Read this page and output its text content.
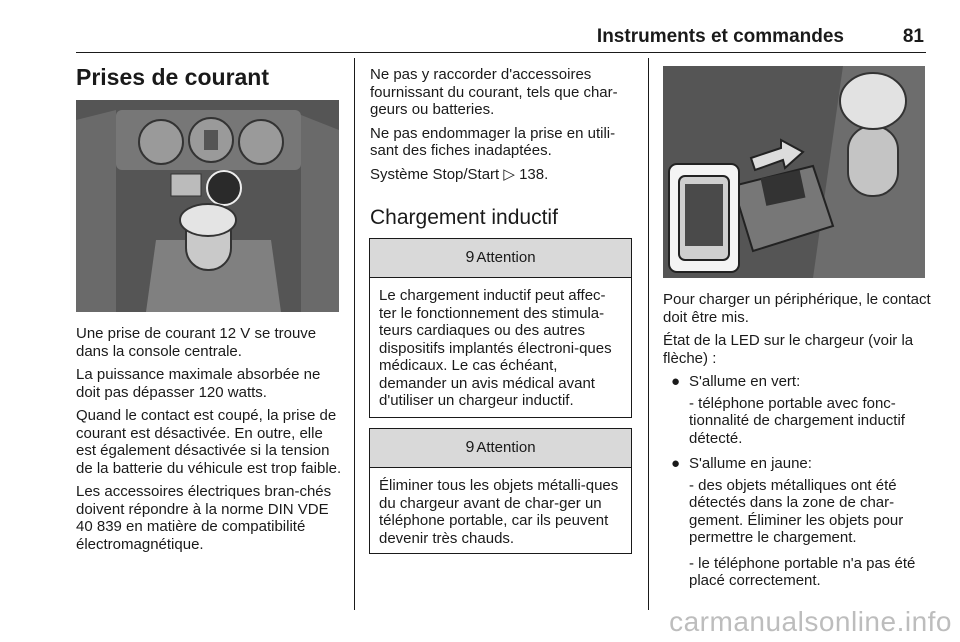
Instruments et commandes	81
Prises de courant

Une prise de courant 12 V se trouve dans la console centrale.

La puissance maximale absorbée ne doit pas dépasser 120 watts.

Quand le contact est coupé, la prise de courant est désactivée. En outre, elle est également désactivée si la tension de la batterie du véhicule est trop faible.

Les accessoires électriques bran-chés doivent répondre à la norme DIN VDE 40 839 en matière de compatibilité électromagnétique.

Ne pas y raccorder d'accessoires fournissant du courant, tels que char-geurs ou batteries.

Ne pas endommager la prise en utili-sant des fiches inadaptées.

Système Stop/Start ▷ 138.

Chargement inductif
9 Attention
Le chargement inductif peut affec-ter le fonctionnement des stimula-teurs cardiaques ou des autres dispositifs implantés électroni-ques médicaux. Le cas échéant, demander un avis médical avant d'utiliser un chargeur inductif.
9 Attention
Éliminer tous les objets métalli-ques du chargeur avant de char-ger un téléphone portable, car ils peuvent devenir très chauds.

Pour charger un périphérique, le contact doit être mis.

État de la LED sur le chargeur (voir la flèche) :

● S'allume en vert:
- téléphone portable avec fonc-tionnalité de chargement inductif détecté.
● S'allume en jaune:
- des objets métalliques ont été détectés dans la zone de char-gement. Éliminer les objets pour permettre le chargement.
- le téléphone portable n'a pas été placé correctement.
carmanualsonline.info
